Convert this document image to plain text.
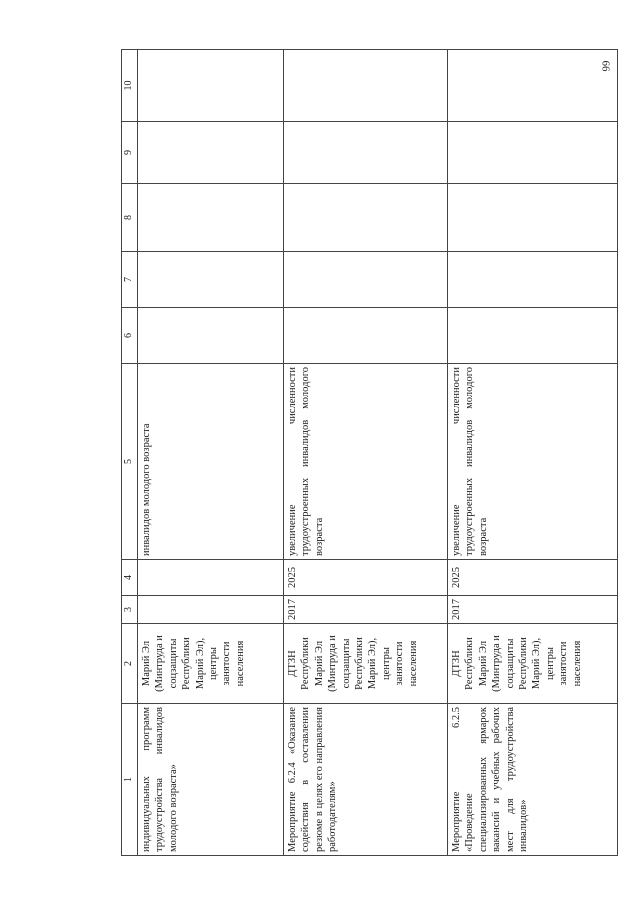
66
1	2	3	4	5	6	7	8	9	10
индивидуальных программ трудоустройства инвалидов молодого возраста»	Марий Эл (Минтруда и соцзащиты Республики Марий Эл), центры занятости населения			инвалидов молодого возраста					
Мероприятие 6.2.4 «Оказание содействия в составлении резюме в целях его направления работодателям»	ДТЗН Республики Марий Эл (Минтруда и соцзащиты Республики Марий Эл), центры занятости населения	2017	2025	увеличение численности трудоустроенных инвалидов молодого возраста					
Мероприятие 6.2.5 «Проведение специализированных ярмарок вакансий и учебных рабочих мест для трудоустройства инвалидов»	ДТЗН Республики Марий Эл (Минтруда и соцзащиты Республики Марий Эл), центры занятости населения	2017	2025	увеличение численности трудоустроенных инвалидов молодого возраста					
